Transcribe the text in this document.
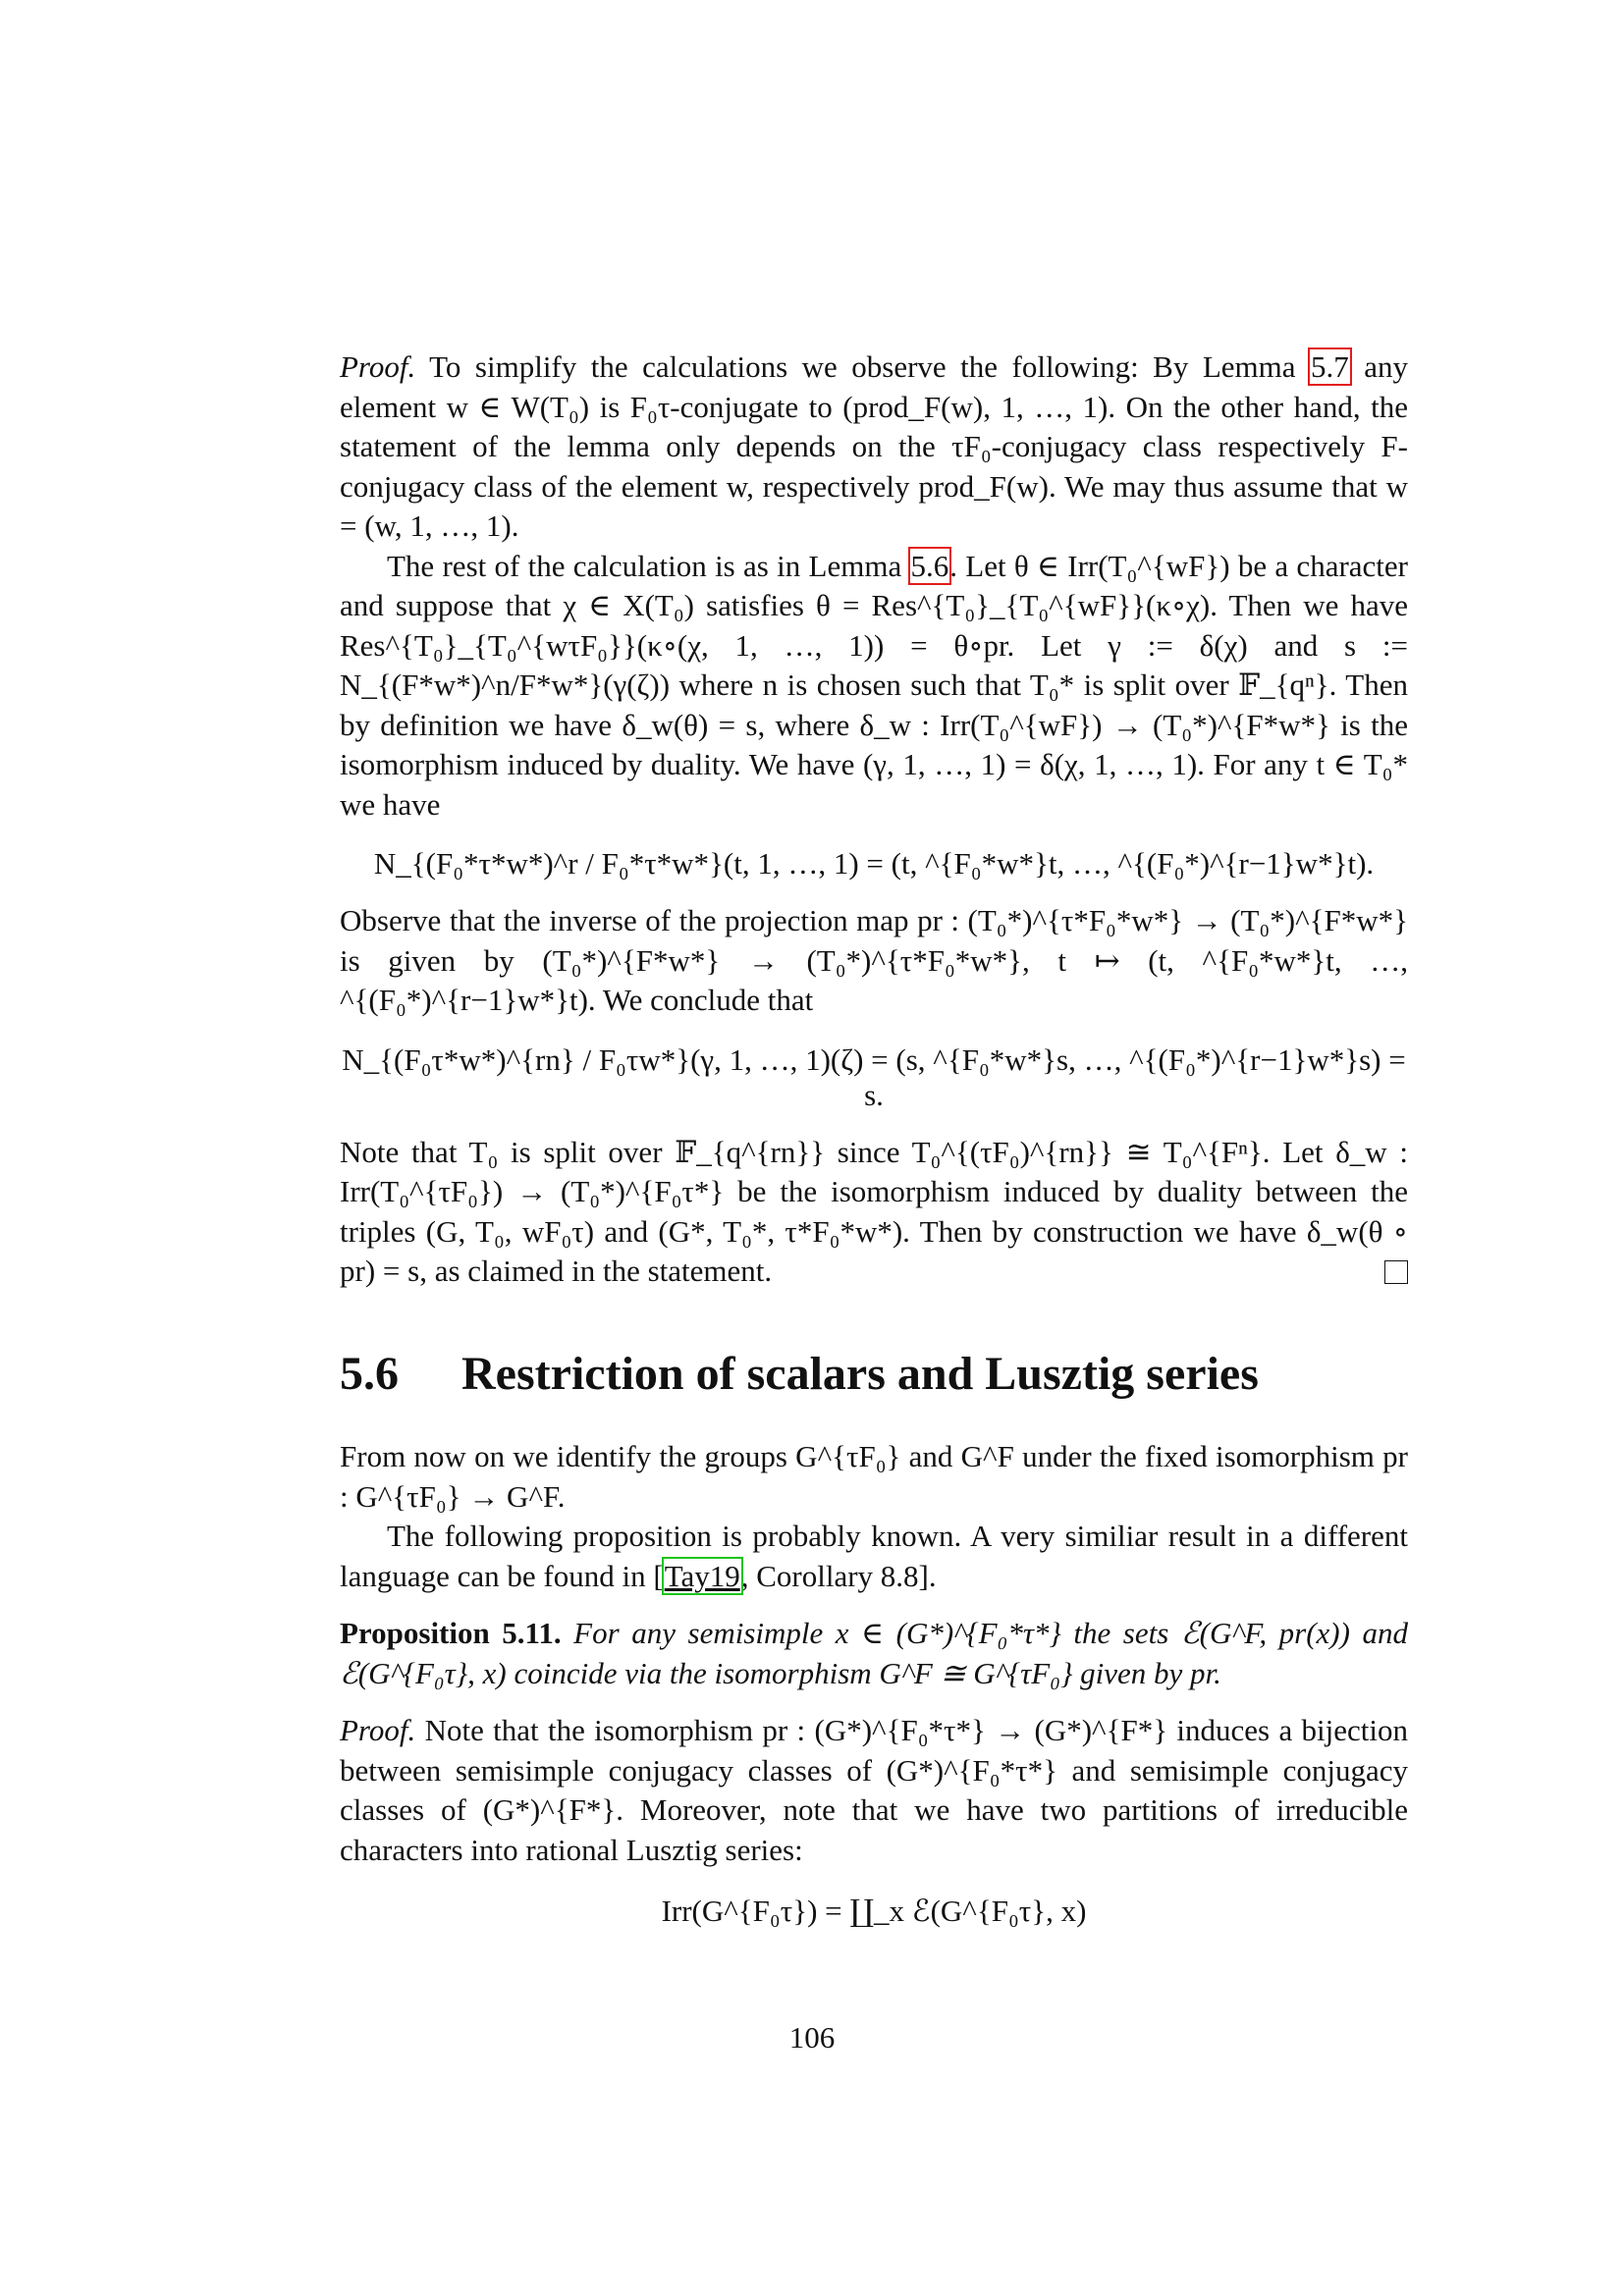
Proof. To simplify the calculations we observe the following: By Lemma 5.7 any element w ∈ W(T₀) is F₀τ-conjugate to (prod_F(w), 1, …, 1). On the other hand, the statement of the lemma only depends on the τF₀-conjugacy class respectively F-conjugacy class of the element w, respectively prod_F(w). We may thus assume that w = (w, 1, …, 1).

The rest of the calculation is as in Lemma 5.6. Let θ ∈ Irr(T₀^{wF}) be a character and suppose that χ ∈ X(T₀) satisfies θ = Res^{T₀}_{T₀^{wF}}(κ∘χ). Then we have Res^{T₀}_{T₀^{wτF₀}}(κ∘(χ, 1, …, 1)) = θ∘pr. Let γ := δ(χ) and s := N_{(F*w*)^n/F*w*}(γ(ζ)) where n is chosen such that T₀* is split over 𝔽_{qⁿ}. Then by definition we have δ_w(θ) = s, where δ_w : Irr(T₀^{wF}) → (T₀*)^{F*w*} is the isomorphism induced by duality. We have (γ, 1, …, 1) = δ(χ, 1, …, 1). For any t ∈ T₀* we have

N_{(F₀*τ*w*)^r / F₀*τ*w*}(t, 1, …, 1) = (t, ^{F₀*w*}t, …, ^{(F₀*)^{r−1}w*}t).

Observe that the inverse of the projection map pr : (T₀*)^{τ*F₀*w*} → (T₀*)^{F*w*} is given by (T₀*)^{F*w*} → (T₀*)^{τ*F₀*w*}, t ↦ (t, ^{F₀*w*}t, …, ^{(F₀*)^{r−1}w*}t). We conclude that

N_{(F₀τ*w*)^{rn} / F₀τw*}(γ, 1, …, 1)(ζ) = (s, ^{F₀*w*}s, …, ^{(F₀*)^{r−1}w*}s) = s.

Note that T₀ is split over 𝔽_{q^{rn}} since T₀^{(τF₀)^{rn}} ≅ T₀^{Fⁿ}. Let δ_w : Irr(T₀^{τF₀}) → (T₀*)^{F₀τ*} be the isomorphism induced by duality between the triples (G, T₀, wF₀τ) and (G*, T₀*, τ*F₀*w*). Then by construction we have δ_w(θ ∘ pr) = s, as claimed in the statement.

5.6 Restriction of scalars and Lusztig series

From now on we identify the groups G^{τF₀} and G^F under the fixed isomorphism pr : G^{τF₀} → G^F.

The following proposition is probably known. A very similiar result in a different language can be found in [Tay19, Corollary 8.8].

Proposition 5.11. For any semisimple x ∈ (G*)^{F₀*τ*} the sets ℰ(G^F, pr(x)) and ℰ(G^{F₀τ}, x) coincide via the isomorphism G^F ≅ G^{τF₀} given by pr.

Proof. Note that the isomorphism pr : (G*)^{F₀*τ*} → (G*)^{F*} induces a bijection between semisimple conjugacy classes of (G*)^{F₀*τ*} and semisimple conjugacy classes of (G*)^{F*}. Moreover, note that we have two partitions of irreducible characters into rational Lusztig series:

Irr(G^{F₀τ}) = ∐_x ℰ(G^{F₀τ}, x)

106
